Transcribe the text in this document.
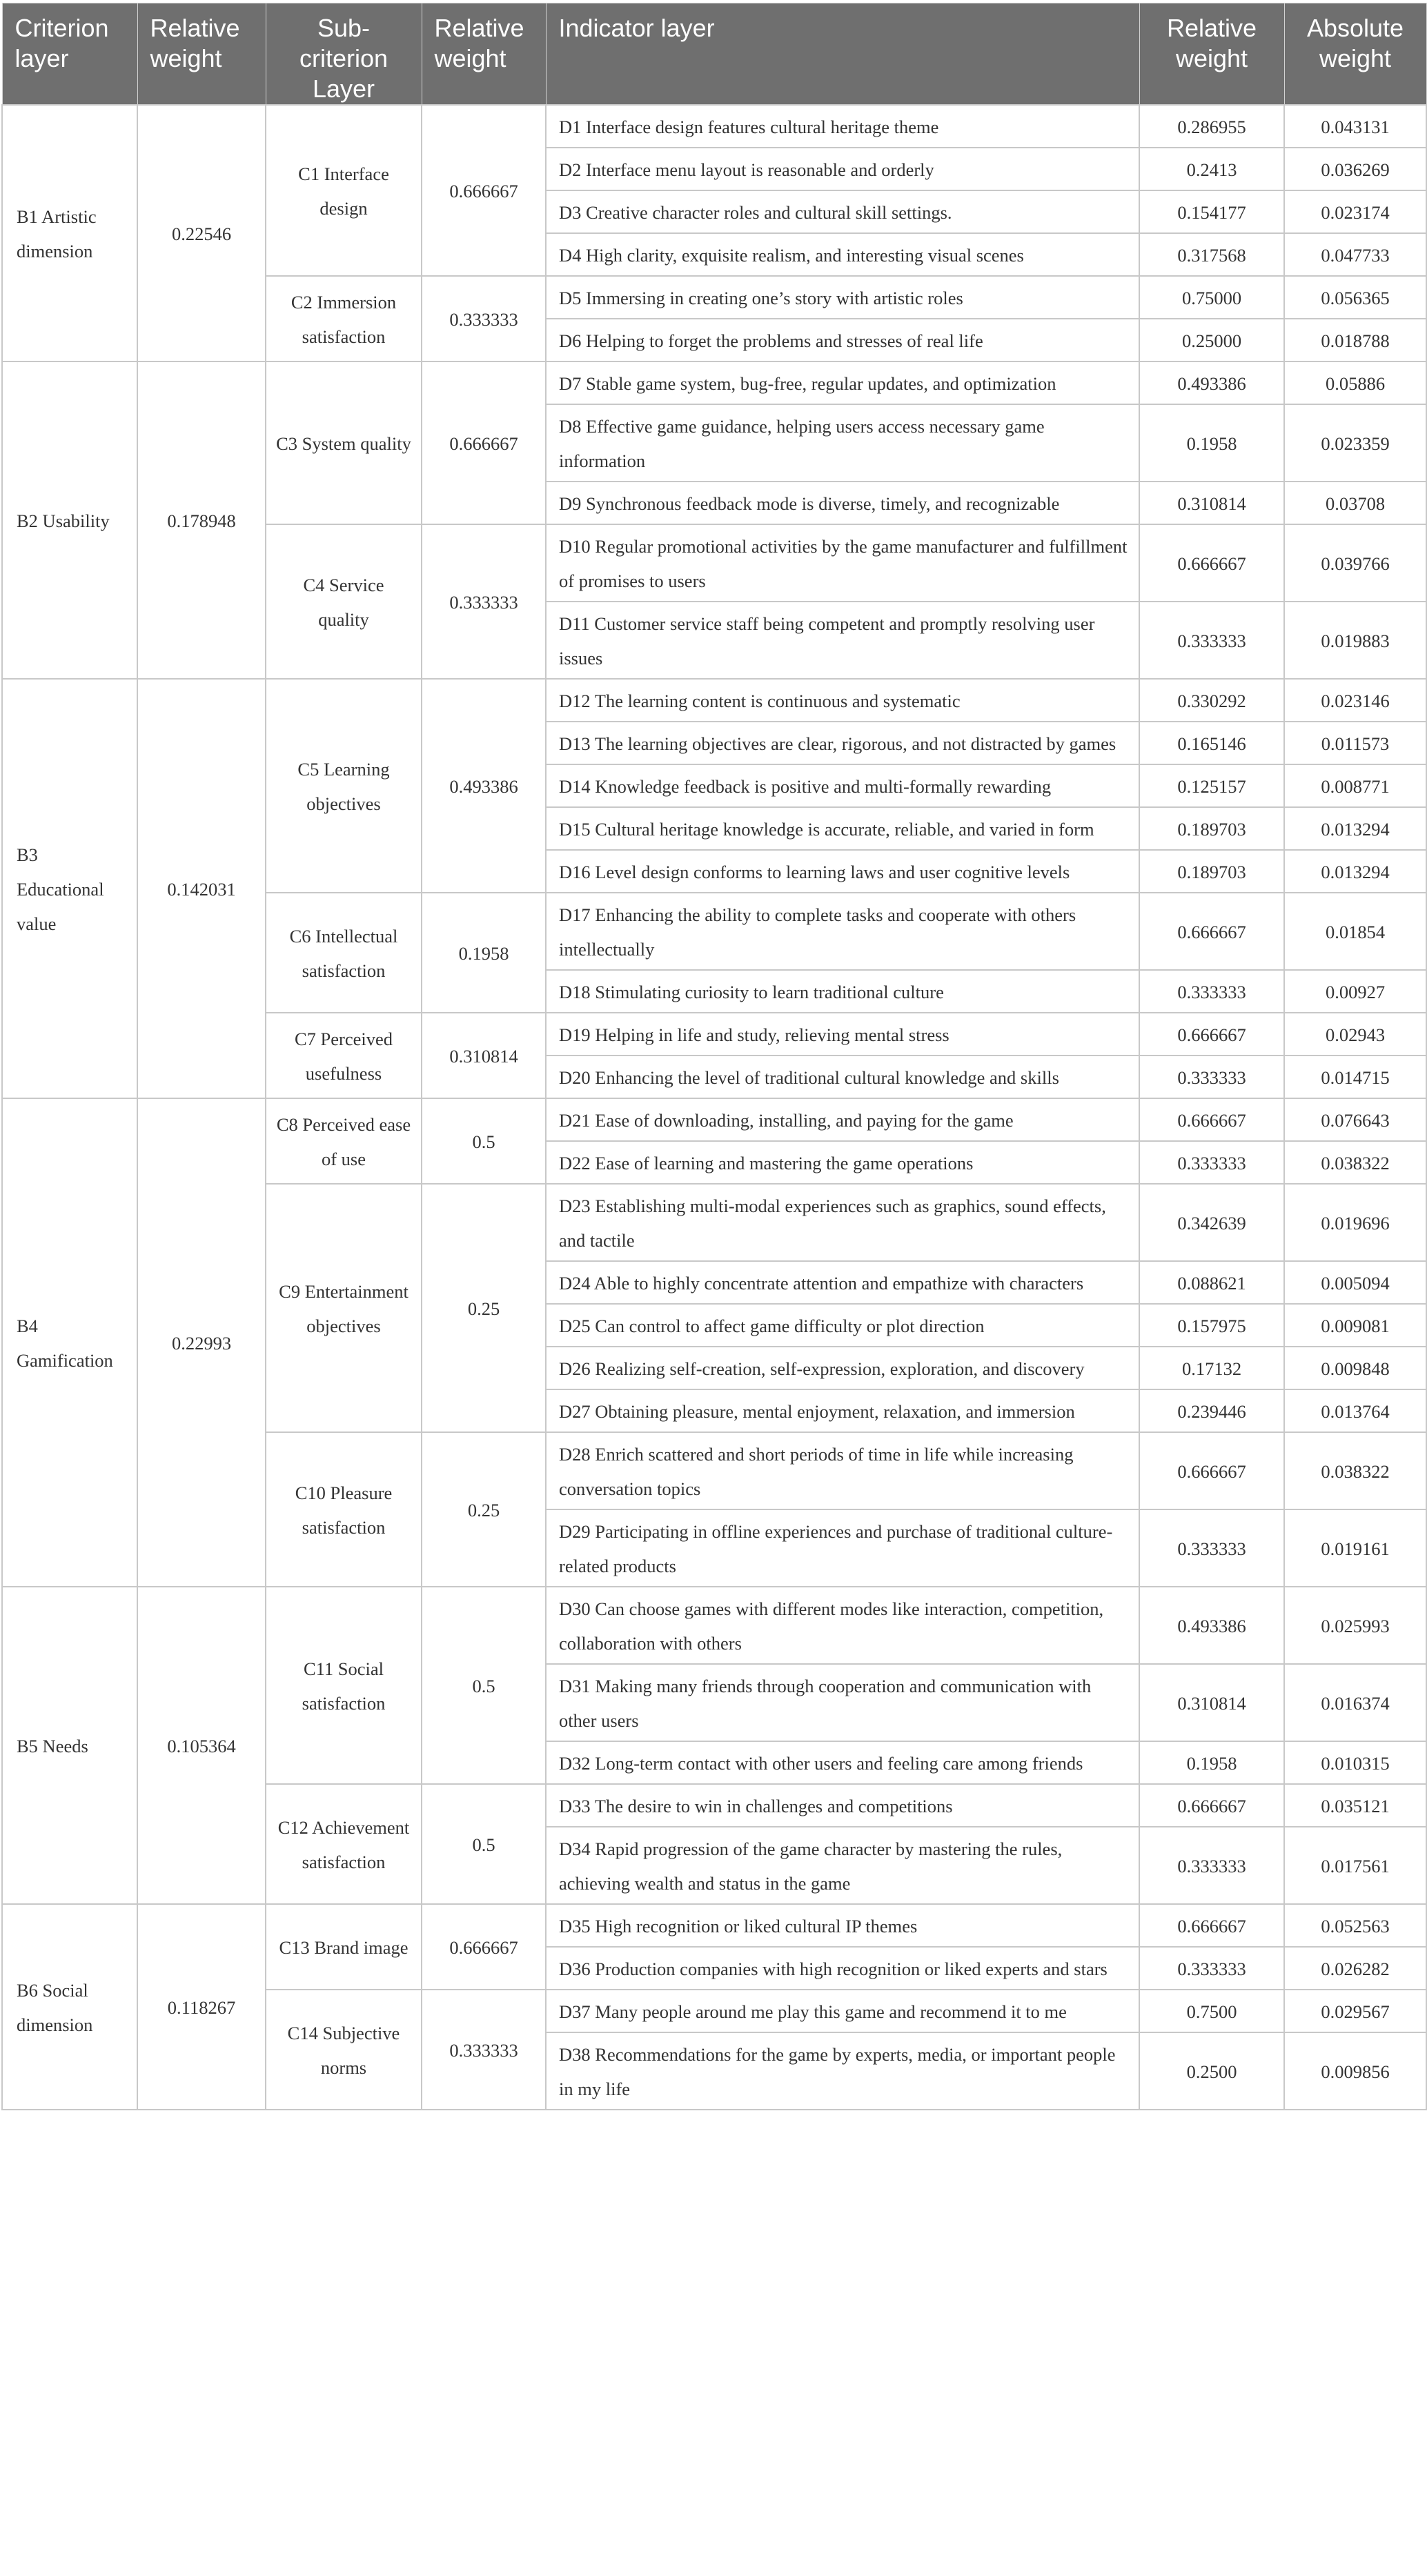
Criterion layer	Relative weight	Sub-criterion Layer	Relative weight	Indicator layer	Relative weight	Absolute weight
B1 Artistic dimension	0.22546	C1 Interface design	0.666667	D1 Interface design features cultural heritage theme	0.286955	0.043131
				D2 Interface menu layout is reasonable and orderly	0.2413	0.036269
				D3 Creative character roles and cultural skill settings.	0.154177	0.023174
				D4 High clarity, exquisite realism, and interesting visual scenes	0.317568	0.047733
		C2 Immersion satisfaction	0.333333	D5 Immersing in creating one’s story with artistic roles	0.75000	0.056365
				D6 Helping to forget the problems and stresses of real life	0.25000	0.018788
B2 Usability	0.178948	C3 System quality	0.666667	D7 Stable game system, bug-free, regular updates, and optimization	0.493386	0.05886
				D8 Effective game guidance, helping users access necessary game information	0.1958	0.023359
				D9 Synchronous feedback mode is diverse, timely, and recognizable	0.310814	0.03708
		C4 Service quality	0.333333	D10 Regular promotional activities by the game manufacturer and fulfillment of promises to users	0.666667	0.039766
				D11 Customer service staff being competent and promptly resolving user issues	0.333333	0.019883
B3 Educational value	0.142031	C5 Learning objectives	0.493386	D12 The learning content is continuous and systematic	0.330292	0.023146
				D13 The learning objectives are clear, rigorous, and not distracted by games	0.165146	0.011573
				D14 Knowledge feedback is positive and multi-formally rewarding	0.125157	0.008771
				D15 Cultural heritage knowledge is accurate, reliable, and varied in form	0.189703	0.013294
				D16 Level design conforms to learning laws and user cognitive levels	0.189703	0.013294
		C6 Intellectual satisfaction	0.1958	D17 Enhancing the ability to complete tasks and cooperate with others intellectually	0.666667	0.01854
				D18 Stimulating curiosity to learn traditional culture	0.333333	0.00927
		C7 Perceived usefulness	0.310814	D19 Helping in life and study, relieving mental stress	0.666667	0.02943
				D20 Enhancing the level of traditional cultural knowledge and skills	0.333333	0.014715
B4 Gamification	0.22993	C8 Perceived ease of use	0.5	D21 Ease of downloading, installing, and paying for the game	0.666667	0.076643
				D22 Ease of learning and mastering the game operations	0.333333	0.038322
		C9 Entertainment objectives	0.25	D23 Establishing multi-modal experiences such as graphics, sound effects, and tactile	0.342639	0.019696
				D24 Able to highly concentrate attention and empathize with characters	0.088621	0.005094
				D25 Can control to affect game difficulty or plot direction	0.157975	0.009081
				D26 Realizing self-creation, self-expression, exploration, and discovery	0.17132	0.009848
				D27 Obtaining pleasure, mental enjoyment, relaxation, and immersion	0.239446	0.013764
		C10 Pleasure satisfaction	0.25	D28 Enrich scattered and short periods of time in life while increasing conversation topics	0.666667	0.038322
				D29 Participating in offline experiences and purchase of traditional culture-related products	0.333333	0.019161
B5 Needs	0.105364	C11 Social satisfaction	0.5	D30 Can choose games with different modes like interaction, competition, collaboration with others	0.493386	0.025993
				D31 Making many friends through cooperation and communication with other users	0.310814	0.016374
				D32 Long-term contact with other users and feeling care among friends	0.1958	0.010315
		C12 Achievement satisfaction	0.5	D33 The desire to win in challenges and competitions	0.666667	0.035121
				D34 Rapid progression of the game character by mastering the rules, achieving wealth and status in the game	0.333333	0.017561
B6 Social dimension	0.118267	C13 Brand image	0.666667	D35 High recognition or liked cultural IP themes	0.666667	0.052563
				D36 Production companies with high recognition or liked experts and stars	0.333333	0.026282
		C14 Subjective norms	0.333333	D37 Many people around me play this game and recommend it to me	0.7500	0.029567
				D38 Recommendations for the game by experts, media, or important people in my life	0.2500	0.009856
